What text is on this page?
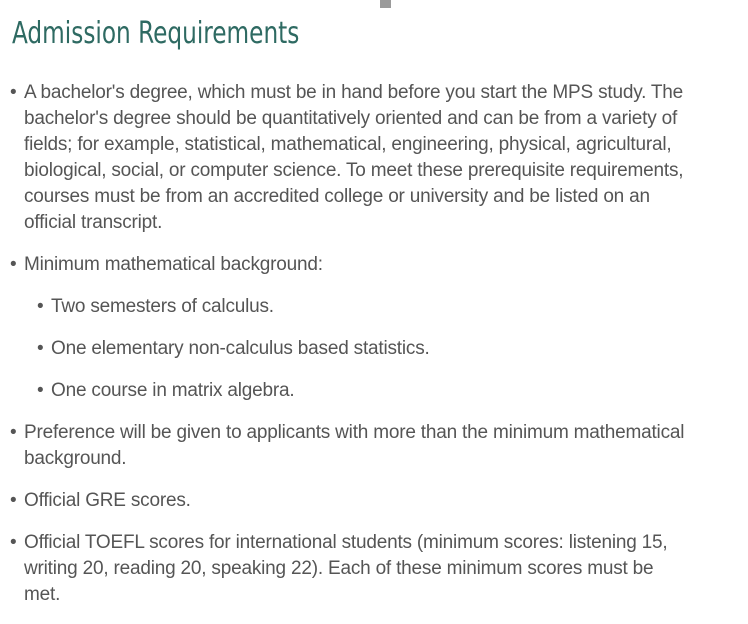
Admission Requirements
• A bachelor's degree, which must be in hand before you start the MPS study. The bachelor's degree should be quantitatively oriented and can be from a variety of fields; for example, statistical, mathematical, engineering, physical, agricultural, biological, social, or computer science. To meet these prerequisite requirements, courses must be from an accredited college or university and be listed on an official transcript.
• Minimum mathematical background:
• Two semesters of calculus.
• One elementary non-calculus based statistics.
• One course in matrix algebra.
• Preference will be given to applicants with more than the minimum mathematical background.
• Official GRE scores.
• Official TOEFL scores for international students (minimum scores: listening 15, writing 20, reading 20, speaking 22). Each of these minimum scores must be met.
